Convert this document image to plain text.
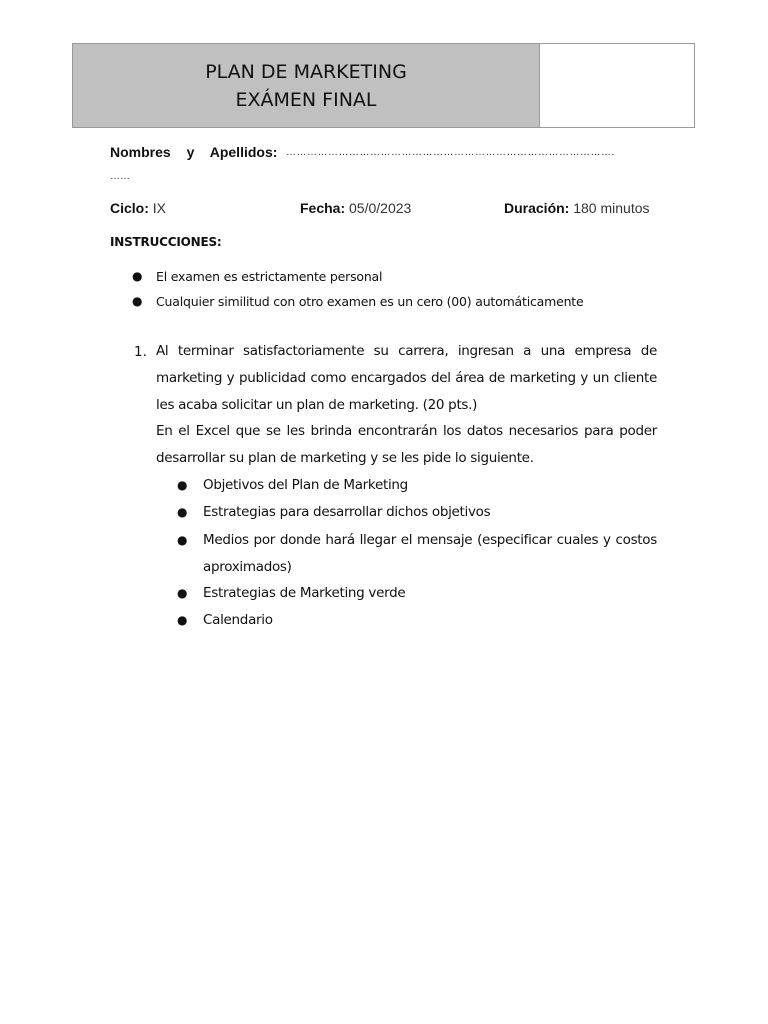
PLAN DE MARKETING
EXÁMEN FINAL
Nombres y Apellidos: ………………………………………………………………………………….
……
Ciclo: IX	Fecha: 05/0/2023	Duración: 180 minutos
INSTRUCCIONES:
● El examen es estrictamente personal
● Cualquier similitud con otro examen es un cero (00) automáticamente
1. Al terminar satisfactoriamente su carrera, ingresan a una empresa de marketing y publicidad como encargados del área de marketing y un cliente les acaba solicitar un plan de marketing. (20 pts.)
En el Excel que se les brinda encontrarán los datos necesarios para poder desarrollar su plan de marketing y se les pide lo siguiente.
● Objetivos del Plan de Marketing
● Estrategias para desarrollar dichos objetivos
● Medios por donde hará llegar el mensaje (especificar cuales y costos aproximados)
● Estrategias de Marketing verde
● Calendario
